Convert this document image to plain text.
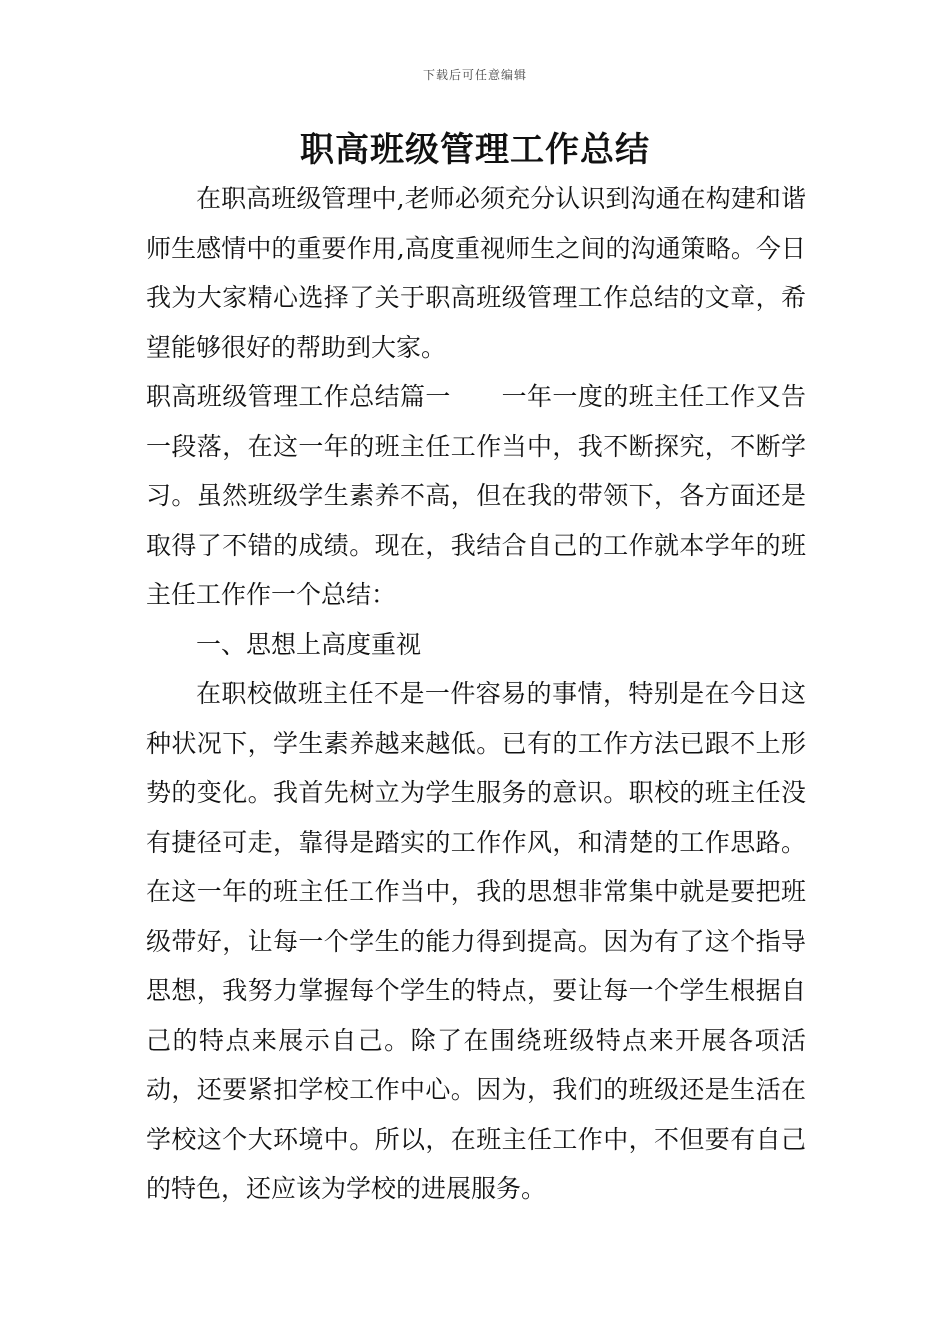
下载后可任意编辑
职高班级管理工作总结

在职高班级管理中,老师必须充分认识到沟通在构建和谐师生感情中的重要作用,高度重视师生之间的沟通策略。今日我为大家精心选择了关于职高班级管理工作总结的文章，希望能够很好的帮助到大家。

职高班级管理工作总结篇一　　一年一度的班主任工作又告一段落，在这一年的班主任工作当中，我不断探究，不断学习。虽然班级学生素养不高，但在我的带领下，各方面还是取得了不错的成绩。现在，我结合自己的工作就本学年的班主任工作作一个总结：

一、思想上高度重视

在职校做班主任不是一件容易的事情，特别是在今日这种状况下，学生素养越来越低。已有的工作方法已跟不上形势的变化。我首先树立为学生服务的意识。职校的班主任没有捷径可走，靠得是踏实的工作作风，和清楚的工作思路。在这一年的班主任工作当中，我的思想非常集中就是要把班级带好，让每一个学生的能力得到提高。因为有了这个指导思想，我努力掌握每个学生的特点，要让每一个学生根据自己的特点来展示自己。除了在围绕班级特点来开展各项活动，还要紧扣学校工作中心。因为，我们的班级还是生活在学校这个大环境中。所以，在班主任工作中，不但要有自己的特色，还应该为学校的进展服务。
